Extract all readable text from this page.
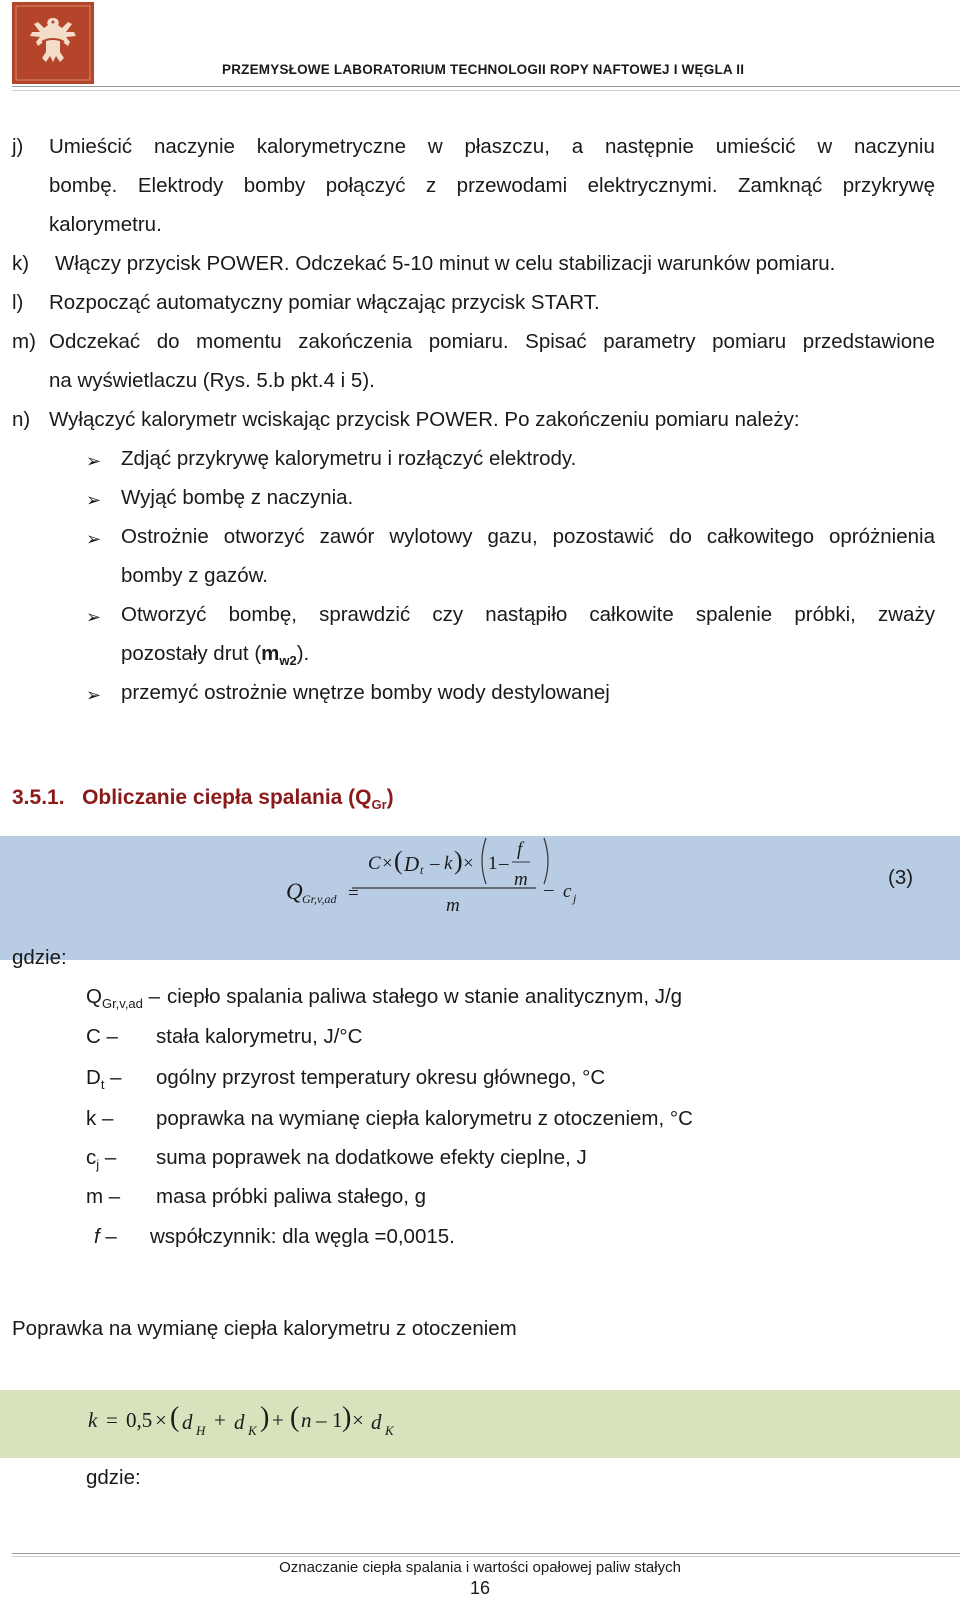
PRZEMYSŁOWE LABORATORIUM TECHNOLOGII ROPY NAFTOWEJ I WĘGLA II
j) Umieścić naczynie kalorymetryczne w płaszczu, a następnie umieścić w naczyniu
bombę. Elektrody bomby połączyć z przewodami elektrycznymi. Zamknąć przykrywę
kalorymetru.
k) Włączy przycisk POWER. Odczekać 5-10 minut w celu stabilizacji warunków pomiaru.
l) Rozpocząć automatyczny pomiar włączając przycisk START.
m) Odczekać do momentu zakończenia pomiaru. Spisać parametry pomiaru przedstawione
na wyświetlaczu (Rys. 5.b pkt.4 i 5).
n) Wyłączyć kalorymetr wciskając przycisk POWER. Po zakończeniu pomiaru należy:
➢ Zdjąć przykrywę kalorymetru i rozłączyć elektrody.
➢ Wyjąć bombę z naczynia.
➢ Ostrożnie otworzyć zawór wylotowy gazu, pozostawić do całkowitego opróżnienia
bomby z gazów.
➢ Otworzyć bombę, sprawdzić czy nastąpiło całkowite spalenie próbki, zważy
pozostały drut $(m_{w2})$.
➢ przemyć ostrożnie wnętrze bomby wody destylowanej
3.5.1. Obliczanie ciepła spalania $(Q_{Gr})$
Q Gr,v,ad =
C × ( D t – k ) × 1 –
f
m
m
– c j
(3)
gdzie:
$Q_{Gr,v,ad}$ – ciepło spalania paliwa stałego w stanie analitycznym, J/g
C – stała kalorymetru, J/°C
$D_t$ – ogólny przyrost temperatury okresu głównego, °C
k – poprawka na wymianę ciepła kalorymetru z otoczeniem, °C
$c_j$ – suma poprawek na dodatkowe efekty cieplne, J
m – masa próbki paliwa stałego, g
f – współczynnik: dla węgla =0,0015.
Poprawka na wymianę ciepła kalorymetru z otoczeniem
k = 0,5 × ( d H + d K ) + ( n – 1 ) × d K
gdzie:
Oznaczanie ciepła spalania i wartości opałowej paliw stałych
16
